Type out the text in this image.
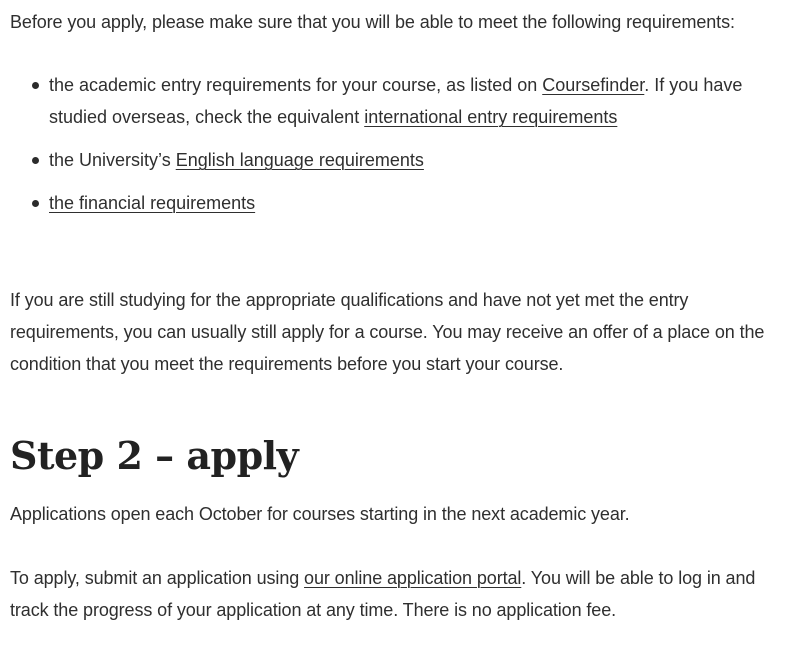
Before you apply, please make sure that you will be able to meet the following requirements:

the academic entry requirements for your course, as listed on Coursefinder. If you have studied overseas, check the equivalent international entry requirements
the University’s English language requirements
the financial requirements

If you are still studying for the appropriate qualifications and have not yet met the entry requirements, you can usually still apply for a course. You may receive an offer of a place on the condition that you meet the requirements before you start your course.

Step 2 – apply

Applications open each October for courses starting in the next academic year.

To apply, submit an application using our online application portal. You will be able to log in and track the progress of your application at any time. There is no application fee.
